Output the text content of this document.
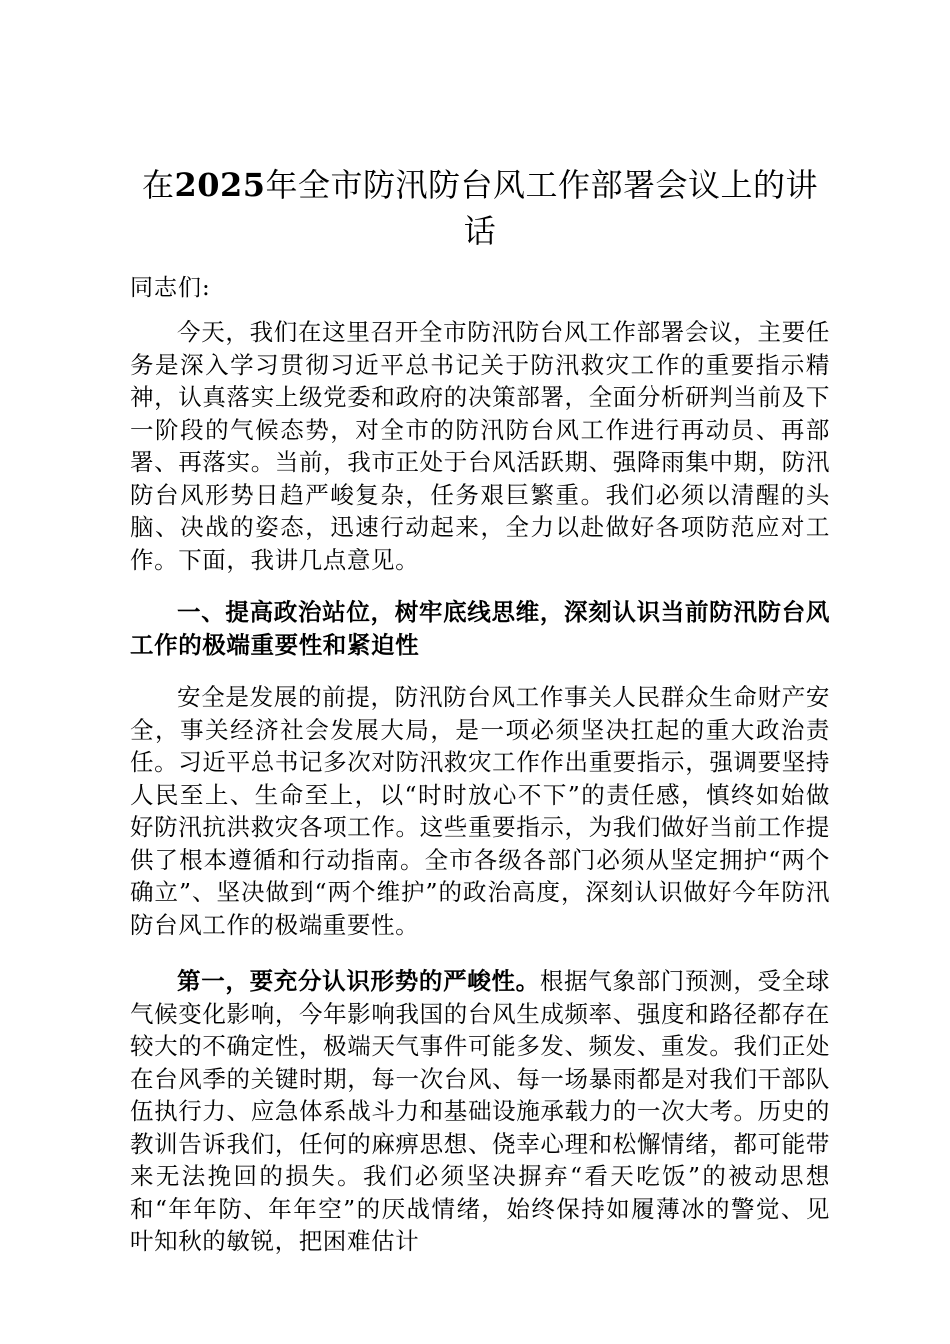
在2025年全市防汛防台风工作部署会议上的讲话

同志们:

今天，我们在这里召开全市防汛防台风工作部署会议，主要任务是深入学习贯彻习近平总书记关于防汛救灾工作的重要指示精神，认真落实上级党委和政府的决策部署，全面分析研判当前及下一阶段的气候态势，对全市的防汛防台风工作进行再动员、再部署、再落实。当前，我市正处于台风活跃期、强降雨集中期，防汛防台风形势日趋严峻复杂，任务艰巨繁重。我们必须以清醒的头脑、决战的姿态，迅速行动起来，全力以赴做好各项防范应对工作。下面，我讲几点意见。

一、提高政治站位，树牢底线思维，深刻认识当前防汛防台风工作的极端重要性和紧迫性

安全是发展的前提，防汛防台风工作事关人民群众生命财产安全，事关经济社会发展大局，是一项必须坚决扛起的重大政治责任。习近平总书记多次对防汛救灾工作作出重要指示，强调要坚持人民至上、生命至上，以“时时放心不下”的责任感，慎终如始做好防汛抗洪救灾各项工作。这些重要指示，为我们做好当前工作提供了根本遵循和行动指南。全市各级各部门必须从坚定拥护“两个确立”、坚决做到“两个维护”的政治高度，深刻认识做好今年防汛防台风工作的极端重要性。

第一，要充分认识形势的严峻性。根据气象部门预测，受全球气候变化影响，今年影响我国的台风生成频率、强度和路径都存在较大的不确定性，极端天气事件可能多发、频发、重发。我们正处在台风季的关键时期，每一次台风、每一场暴雨都是对我们干部队伍执行力、应急体系战斗力和基础设施承载力的一次大考。历史的教训告诉我们，任何的麻痹思想、侥幸心理和松懈情绪，都可能带来无法挽回的损失。我们必须坚决摒弃“看天吃饭”的被动思想和“年年防、年年空”的厌战情绪，始终保持如履薄冰的警觉、见叶知秋的敏锐，把困难估计
